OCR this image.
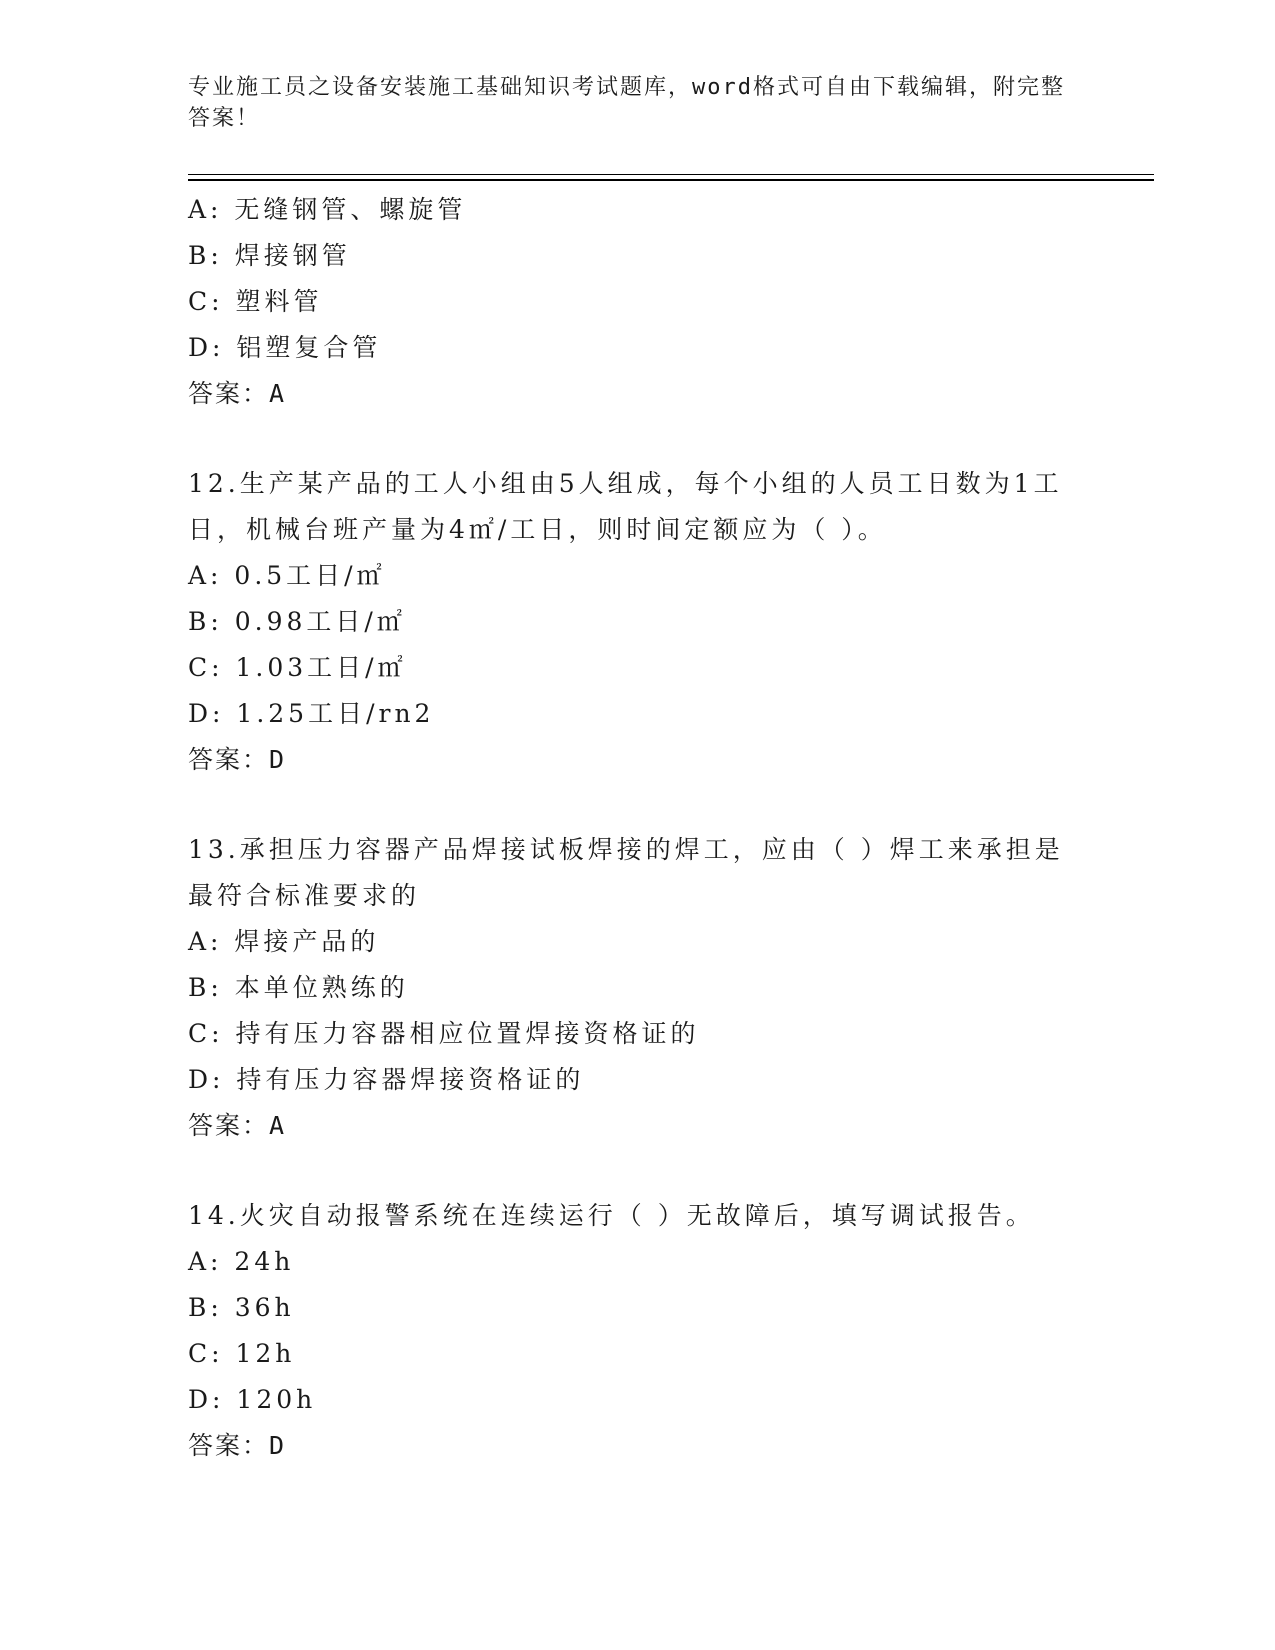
专业施工员之设备安装施工基础知识考试题库，word格式可自由下载编辑，附完整答案！
A: 无缝钢管、螺旋管
B: 焊接钢管
C: 塑料管
D: 铝塑复合管
答案：A
12.生产某产品的工人小组由5人组成，每个小组的人员工日数为1工日，机械台班产量为4㎡/工日，则时间定额应为（ ）。
A: 0.5工日/㎡
B: 0.98工日/㎡
C: 1.03工日/㎡
D: 1.25工日/rn2
答案：D
13.承担压力容器产品焊接试板焊接的焊工，应由（ ）焊工来承担是最符合标准要求的
A: 焊接产品的
B: 本单位熟练的
C: 持有压力容器相应位置焊接资格证的
D: 持有压力容器焊接资格证的
答案：A
14.火灾自动报警系统在连续运行（ ）无故障后，填写调试报告。
A: 24h
B: 36h
C: 12h
D: 120h
答案：D
